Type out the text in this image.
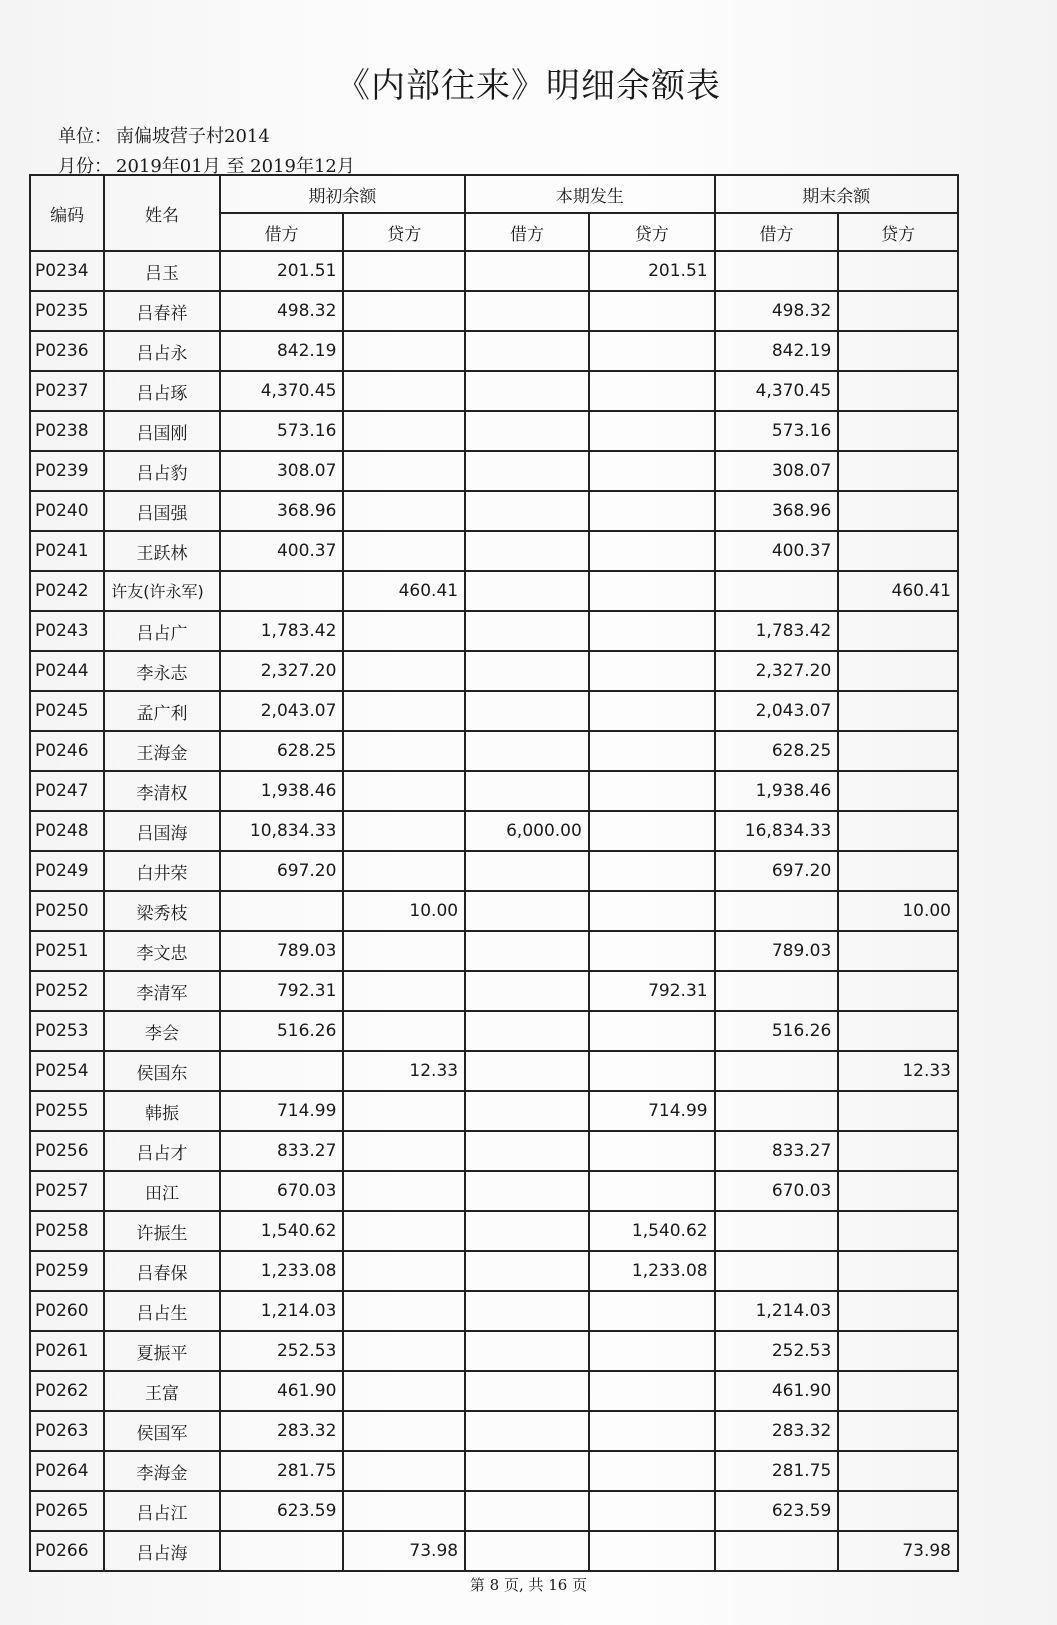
《内部往来》明细余额表
单位： 南偏坡营子村2014
月份： 2019年01月 至 2019年12月
编码	姓名	期初余额		本期发生		期末余额	
		借方	贷方	借方	贷方	借方	贷方
P0234	吕玉	201.51			201.51		
P0235	吕春祥	498.32				498.32	
P0236	吕占永	842.19				842.19	
P0237	吕占琢	4,370.45				4,370.45	
P0238	吕国刚	573.16				573.16	
P0239	吕占豹	308.07				308.07	
P0240	吕国强	368.96				368.96	
P0241	王跃林	400.37				400.37	
P0242	许友(许永军)		460.41				460.41
P0243	吕占广	1,783.42				1,783.42	
P0244	李永志	2,327.20				2,327.20	
P0245	孟广利	2,043.07				2,043.07	
P0246	王海金	628.25				628.25	
P0247	李清权	1,938.46				1,938.46	
P0248	吕国海	10,834.33		6,000.00		16,834.33	
P0249	白井荣	697.20				697.20	
P0250	梁秀枝		10.00				10.00
P0251	李文忠	789.03				789.03	
P0252	李清军	792.31			792.31		
P0253	李会	516.26				516.26	
P0254	侯国东		12.33				12.33
P0255	韩振	714.99			714.99		
P0256	吕占才	833.27				833.27	
P0257	田江	670.03				670.03	
P0258	许振生	1,540.62			1,540.62		
P0259	吕春保	1,233.08			1,233.08		
P0260	吕占生	1,214.03				1,214.03	
P0261	夏振平	252.53				252.53	
P0262	王富	461.90				461.90	
P0263	侯国军	283.32				283.32	
P0264	李海金	281.75				281.75	
P0265	吕占江	623.59				623.59	
P0266	吕占海		73.98				73.98
第 8 页, 共 16 页
